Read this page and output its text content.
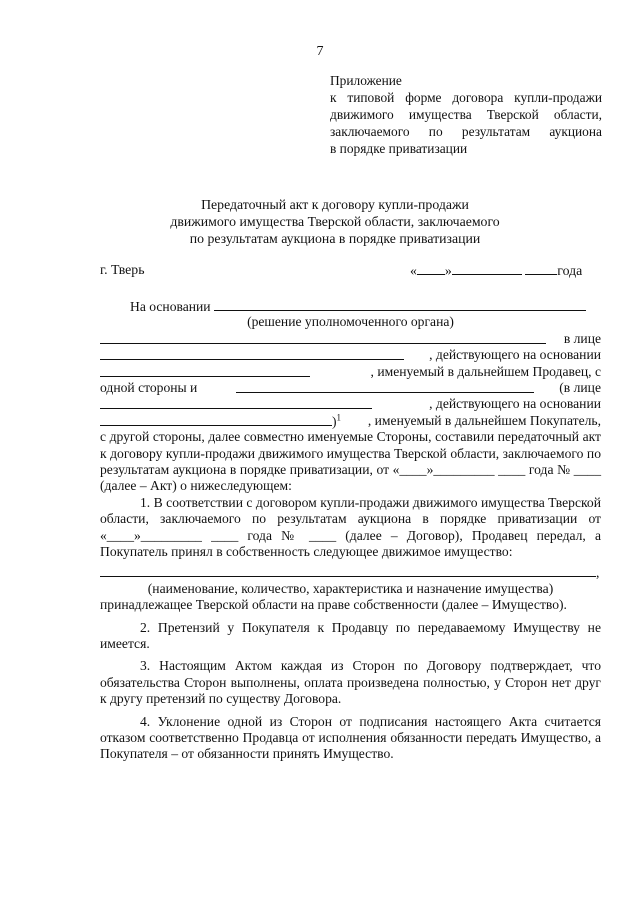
7
Приложение
к типовой форме договора купли-продажи
движимого имущества Тверской области,
заключаемого по результатам аукциона
в порядке приватизации
Передаточный акт к договору купли-продажи
движимого имущества Тверской области, заключаемого
по результатам аукциона в порядке приватизации
г. Тверь	« »	года
На основании
(решение уполномоченного органа)
в лице
, действующего на основании
, именуемый в дальнейшем Продавец, с
одной стороны и	(в лице
, действующего на основании
)$^1$ , именуемый в дальнейшем Покупатель,

с другой стороны, далее совместно именуемые Стороны, составили передаточный акт к договору купли-продажи движимого имущества Тверской области, заключаемого по результатам аукциона в порядке приватизации, от «____»_________ ____ года № ____ (далее – Акт) о нижеследующем:

1. В соответствии с договором купли-продажи движимого имущества Тверской области, заключаемого по результатам аукциона в порядке приватизации от «____»_________ ____ года № ____ (далее – Договор), Продавец передал, а Покупатель принял в собственность следующее движимое имущество:

,
(наименование, количество, характеристика и назначение имущества)

принадлежащее Тверской области на праве собственности (далее – Имущество).

2. Претензий у Покупателя к Продавцу по передаваемому Имуществу не имеется.

3. Настоящим Актом каждая из Сторон по Договору подтверждает, что обязательства Сторон выполнены, оплата произведена полностью, у Сторон нет друг к другу претензий по существу Договора.

4. Уклонение одной из Сторон от подписания настоящего Акта считается отказом соответственно Продавца от исполнения обязанности передать Имущество, а Покупателя – от обязанности принять Имущество.
